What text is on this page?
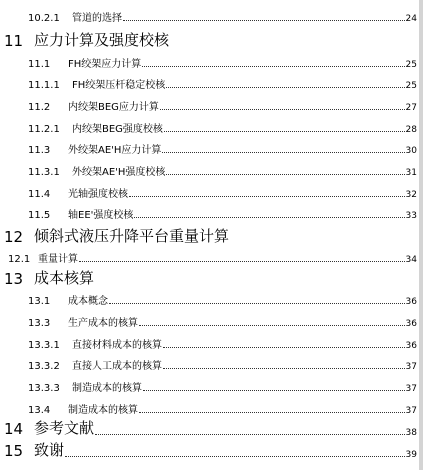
10.2.1	管道的选择	24
11 应力计算及强度校核
11.1	FH绞架应力计算	25
11.1.1	FH绞架压杆稳定校核	25
11.2	内绞架BEG应力计算	27
11.2.1	内绞架BEG强度校核	28
11.3	外绞架AE'H应力计算	30
11.3.1	外绞架AE'H强度校核	31
11.4	光轴强度校核	32
11.5	轴EE'强度校核	33
12 倾斜式液压升降平台重量计算
12.1 重量计算	34
13 成本核算
13.1	成本概念	36
13.3	生产成本的核算	36
13.3.1	直接材料成本的核算	36
13.3.2	直接人工成本的核算	37
13.3.3	制造成本的核算	37
13.4	制造成本的核算	37
14 参考文献	38
15 致谢	39
